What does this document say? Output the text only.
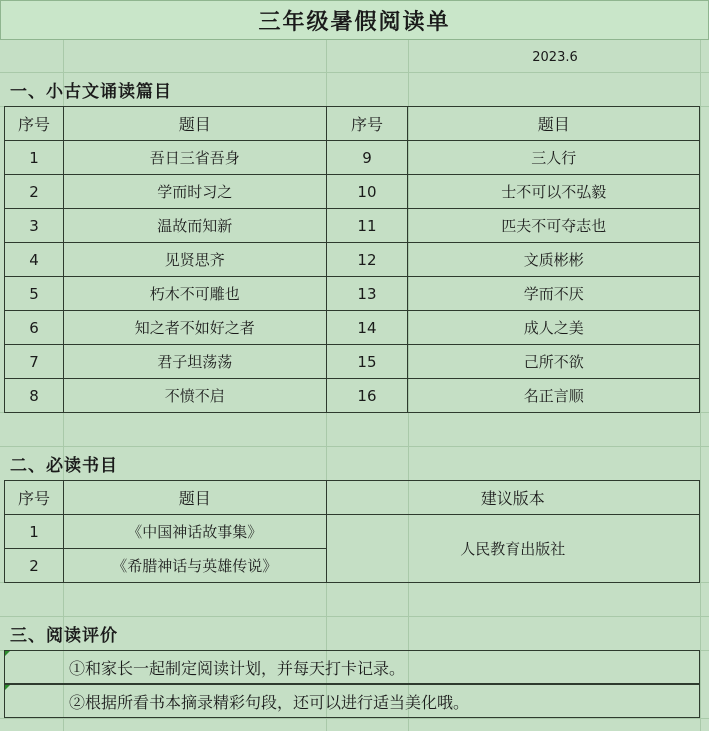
三年级暑假阅读单
2023.6
一、小古文诵读篇目
序号	题目	序号	题目
1	吾日三省吾身	9	三人行
2	学而时习之	10	士不可以不弘毅
3	温故而知新	11	匹夫不可夺志也
4	见贤思齐	12	文质彬彬
5	朽木不可雕也	13	学而不厌
6	知之者不如好之者	14	成人之美
7	君子坦荡荡	15	己所不欲
8	不愤不启	16	名正言顺
二、必读书目
序号	题目	建议版本
1	《中国神话故事集》	人民教育出版社
2	《希腊神话与英雄传说》	
三、阅读评价
①和家长一起制定阅读计划，并每天打卡记录。
②根据所看书本摘录精彩句段，还可以进行适当美化哦。
